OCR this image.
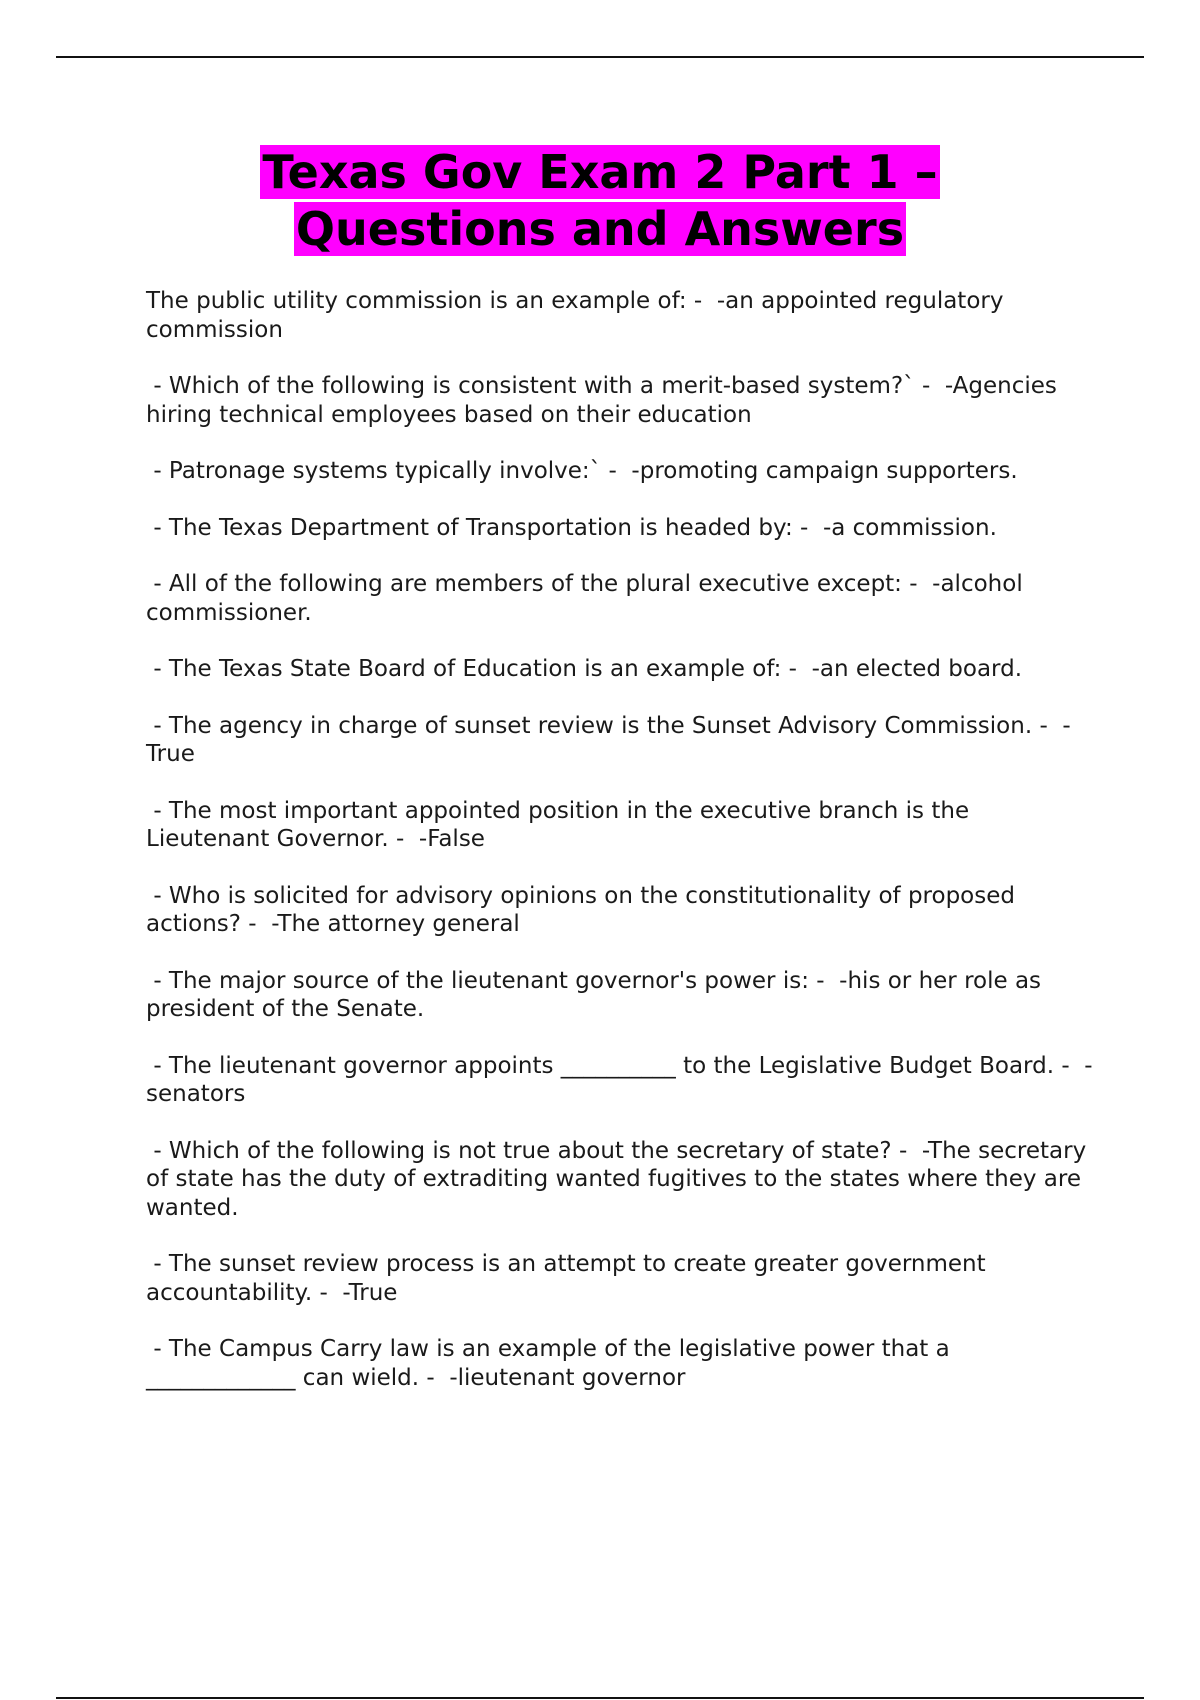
Texas Gov Exam 2 Part 1 –
Questions and Answers
The public utility commission is an example of: -  -an appointed regulatory commission
- Which of the following is consistent with a merit-based system?` -  -Agencies hiring technical employees based on their education
- Patronage systems typically involve:` -  -promoting campaign supporters.
- The Texas Department of Transportation is headed by: -  -a commission.
- All of the following are members of the plural executive except: -  -alcohol commissioner.
- The Texas State Board of Education is an example of: -  -an elected board.
- The agency in charge of sunset review is the Sunset Advisory Commission. -  -True
- The most important appointed position in the executive branch is the Lieutenant Governor. -  -False
- Who is solicited for advisory opinions on the constitutionality of proposed actions? -  -The attorney general
- The major source of the lieutenant governor's power is: -  -his or her role as president of the Senate.
- The lieutenant governor appoints __________ to the Legislative Budget Board. -  -senators
- Which of the following is not true about the secretary of state? -  -The secretary of state has the duty of extraditing wanted fugitives to the states where they are wanted.
- The sunset review process is an attempt to create greater government accountability. -  -True
- The Campus Carry law is an example of the legislative power that a _____________ can wield. -  -lieutenant governor
